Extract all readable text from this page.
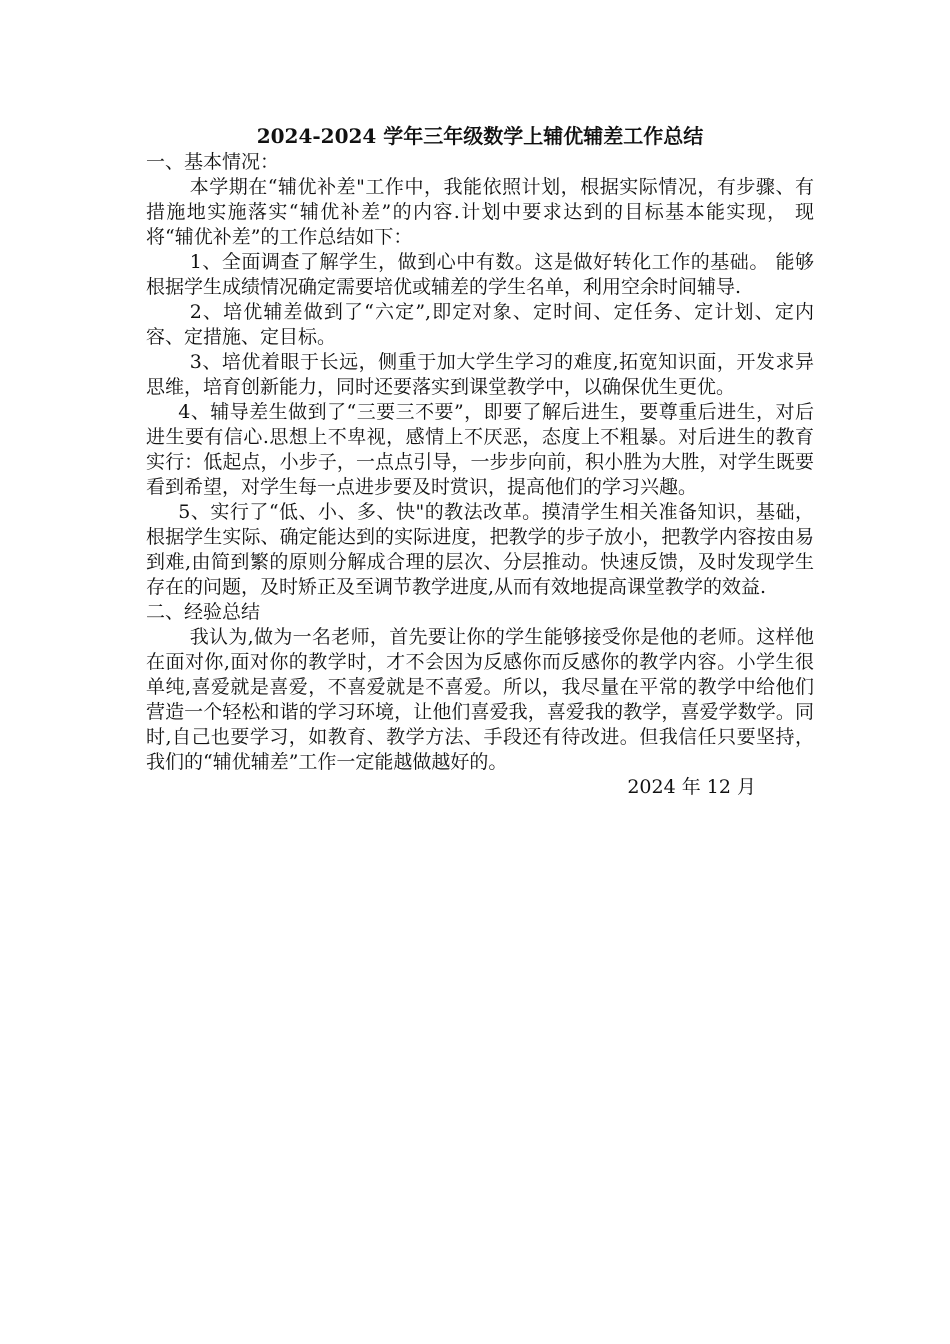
2024-2024 学年三年级数学上辅优辅差工作总结

一、基本情况：

本学期在“辅优补差"工作中，我能依照计划，根据实际情况，有步骤、有措施地实施落实“辅优补差”的内容.计划中要求达到的目标基本能实现， 现将“辅优补差”的工作总结如下：

1、全面调查了解学生，做到心中有数。这是做好转化工作的基础。 能够根据学生成绩情况确定需要培优或辅差的学生名单，利用空余时间辅导.

2、培优辅差做到了“六定”,即定对象、定时间、定任务、定计划、定内容、定措施、定目标。

3、培优着眼于长远，侧重于加大学生学习的难度,拓宽知识面，开发求异思维，培育创新能力，同时还要落实到课堂教学中，以确保优生更优。

4、辅导差生做到了“三要三不要”，即要了解后进生，要尊重后进生，对后进生要有信心.思想上不卑视，感情上不厌恶，态度上不粗暴。对后进生的教育实行：低起点，小步子，一点点引导，一步步向前，积小胜为大胜，对学生既要看到希望，对学生每一点进步要及时赏识，提高他们的学习兴趣。

5、实行了“低、小、多、快"的教法改革。摸清学生相关准备知识，基础，根据学生实际、确定能达到的实际进度，把教学的步子放小，把教学内容按由易到难,由简到繁的原则分解成合理的层次、分层推动。快速反馈，及时发现学生存在的问题，及时矫正及至调节教学进度,从而有效地提高课堂教学的效益.

二、经验总结

我认为,做为一名老师，首先要让你的学生能够接受你是他的老师。这样他在面对你,面对你的教学时，才不会因为反感你而反感你的教学内容。小学生很单纯,喜爱就是喜爱，不喜爱就是不喜爱。所以，我尽量在平常的教学中给他们营造一个轻松和谐的学习环境，让他们喜爱我，喜爱我的教学，喜爱学数学。同时,自己也要学习，如教育、教学方法、手段还有待改进。但我信任只要坚持，我们的“辅优辅差”工作一定能越做越好的。

2024 年 12 月
